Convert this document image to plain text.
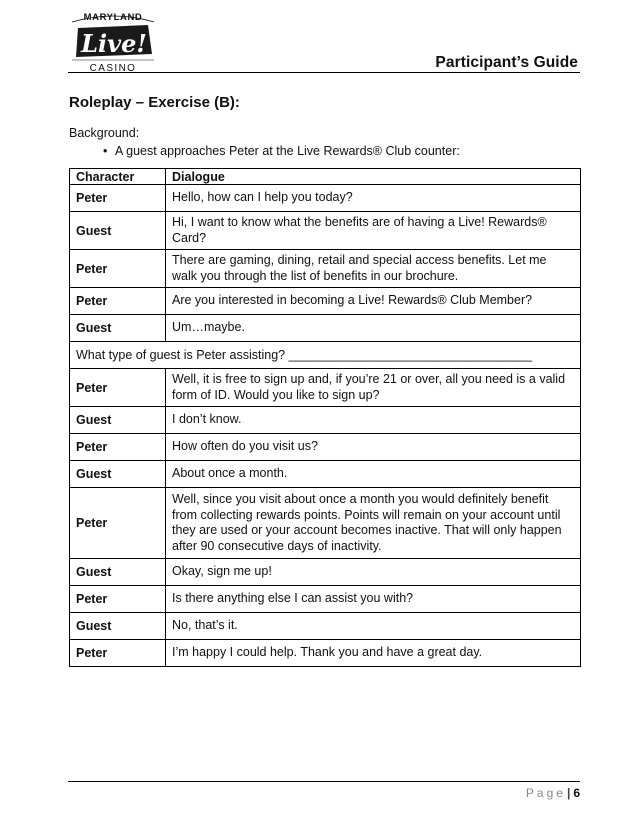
MARYLAND
Live!
CASINO	Participant’s Guide
Roleplay – Exercise (B):
Background:
• A guest approaches Peter at the Live Rewards® Club counter:
Character	Dialogue
Peter	Hello, how can I help you today?
Guest	Hi, I want to know what the benefits are of having a Live! Rewards® Card?
Peter	There are gaming, dining, retail and special access benefits. Let me walk you through the list of benefits in our brochure.
Peter	Are you interested in becoming a Live! Rewards® Club Member?
Guest	Um…maybe.
What type of guest is Peter assisting? ___________________________________	
Peter	Well, it is free to sign up and, if you’re 21 or over, all you need is a valid form of ID. Would you like to sign up?
Guest	I don’t know.
Peter	How often do you visit us?
Guest	About once a month.
Peter	Well, since you visit about once a month you would definitely benefit from collecting rewards points. Points will remain on your account until they are used or your account becomes inactive. That will only happen after 90 consecutive days of inactivity.
Guest	Okay, sign me up!
Peter	Is there anything else I can assist you with?
Guest	No, that’s it.
Peter	I’m happy I could help. Thank you and have a great day.
Page| 6
